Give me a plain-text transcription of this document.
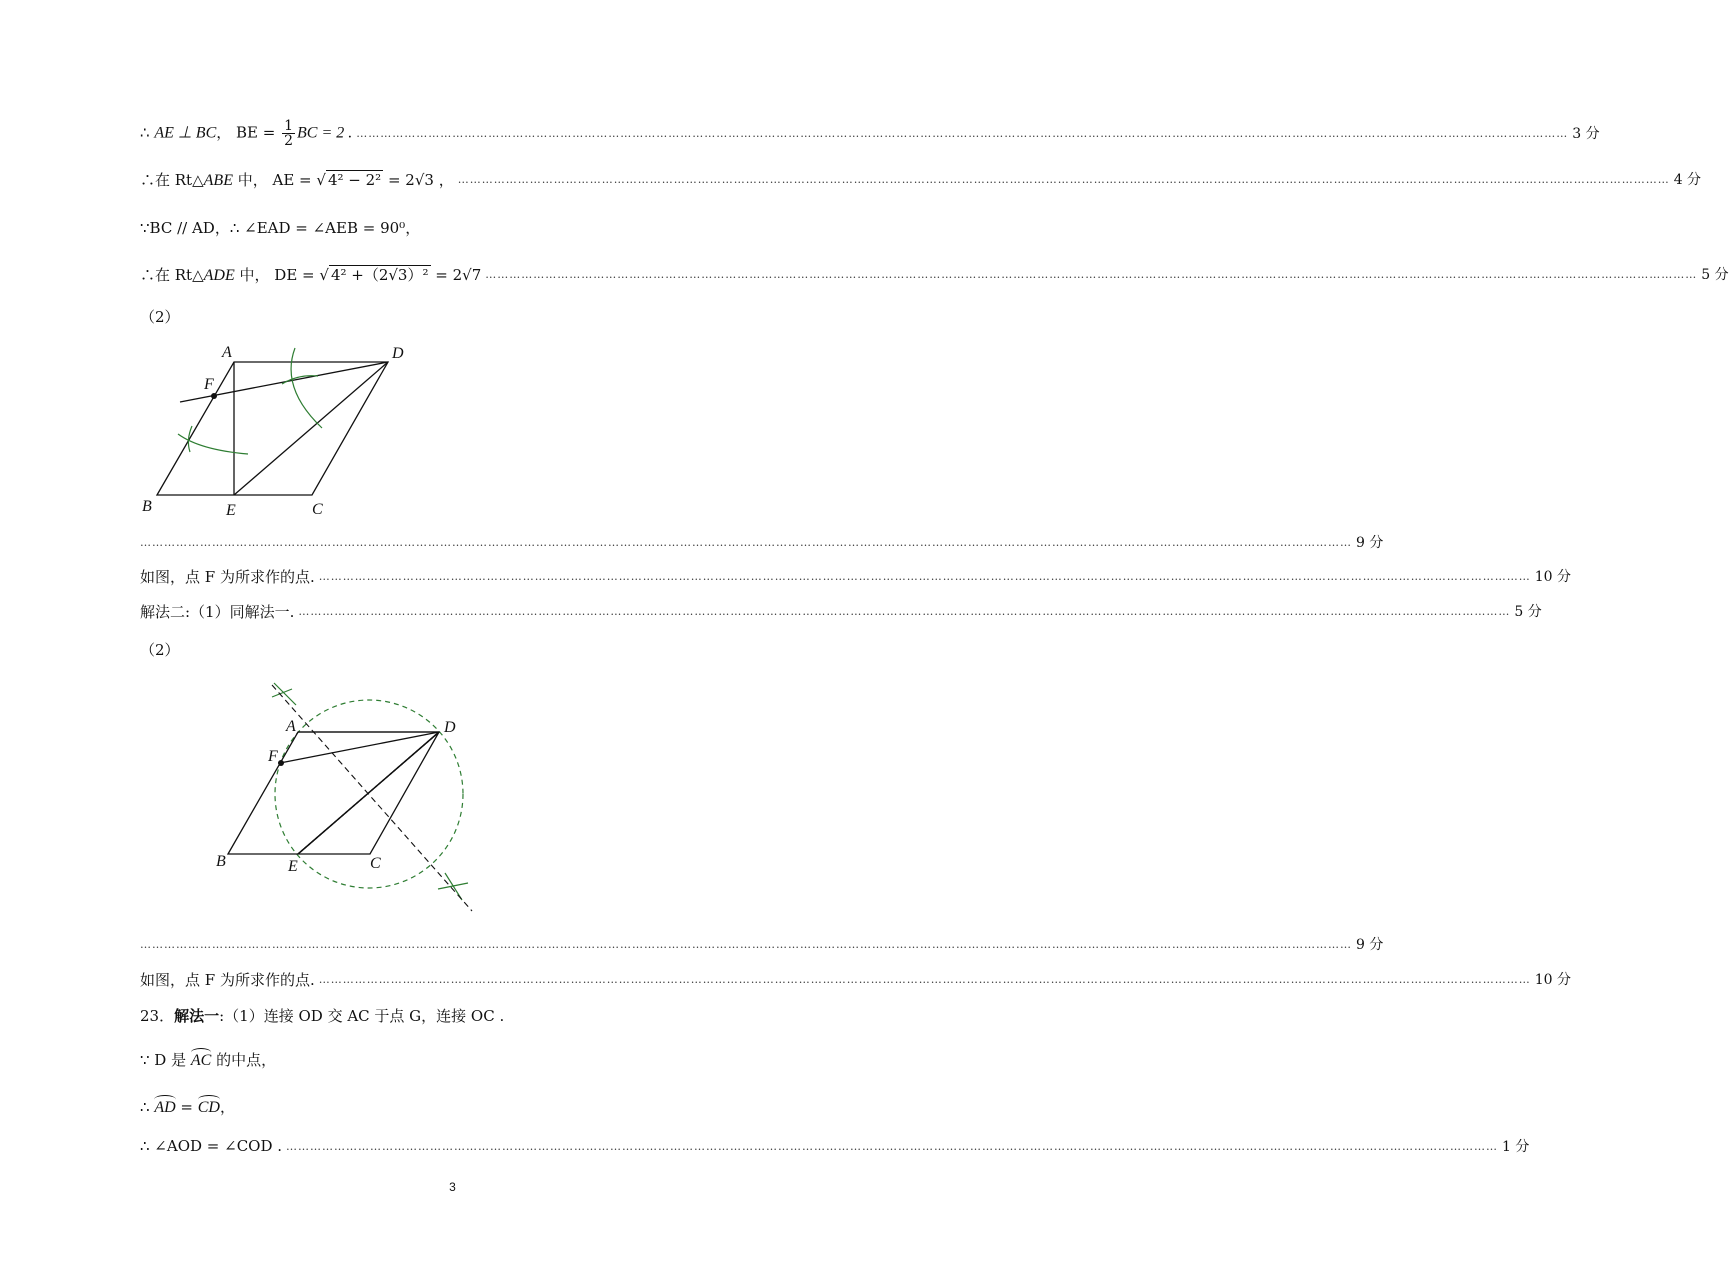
∴ AE ⊥ BC， BE = $\frac{1}{2}$ BC = 2 . …………………………………………………………………………………………………………………………………………………………………………………………………………………………………………………………………………… 3 分
∴在 Rt△ABE 中， AE = √ 4² − 2² = 2√3 ， …………………………………………………………………………………………………………………………………………………………………………………………………………………………………………………………………………… 4 分
∵BC // AD，∴ ∠EAD = ∠AEB = 90⁰，
∴在 Rt△ADE 中， DE = √ 4² +（2√3）² = 2√7 …………………………………………………………………………………………………………………………………………………………………………………………………………………………………………………………………………… 5 分
（2）
A	D
F
B	E	C
…………………………………………………………………………………………………………………………………………………………………………………………………………………………………………………………………………… 9 分
如图，点 F 为所求作的点. …………………………………………………………………………………………………………………………………………………………………………………………………………………………………………………………………………… 10 分
解法二:（1）同解法一. …………………………………………………………………………………………………………………………………………………………………………………………………………………………………………………………………………… 5 分
（2）
A	D
F
B	E	C
…………………………………………………………………………………………………………………………………………………………………………………………………………………………………………………………………………… 9 分
如图，点 F 为所求作的点. …………………………………………………………………………………………………………………………………………………………………………………………………………………………………………………………………………… 10 分
23．解法一:（1）连接 OD 交 AC 于点 G，连接 OC .
∵ D 是 AC 的中点，
∴ AD = CD，
∴ ∠AOD = ∠COD . …………………………………………………………………………………………………………………………………………………………………………………………………………………………………………………………………………… 1 分
3
